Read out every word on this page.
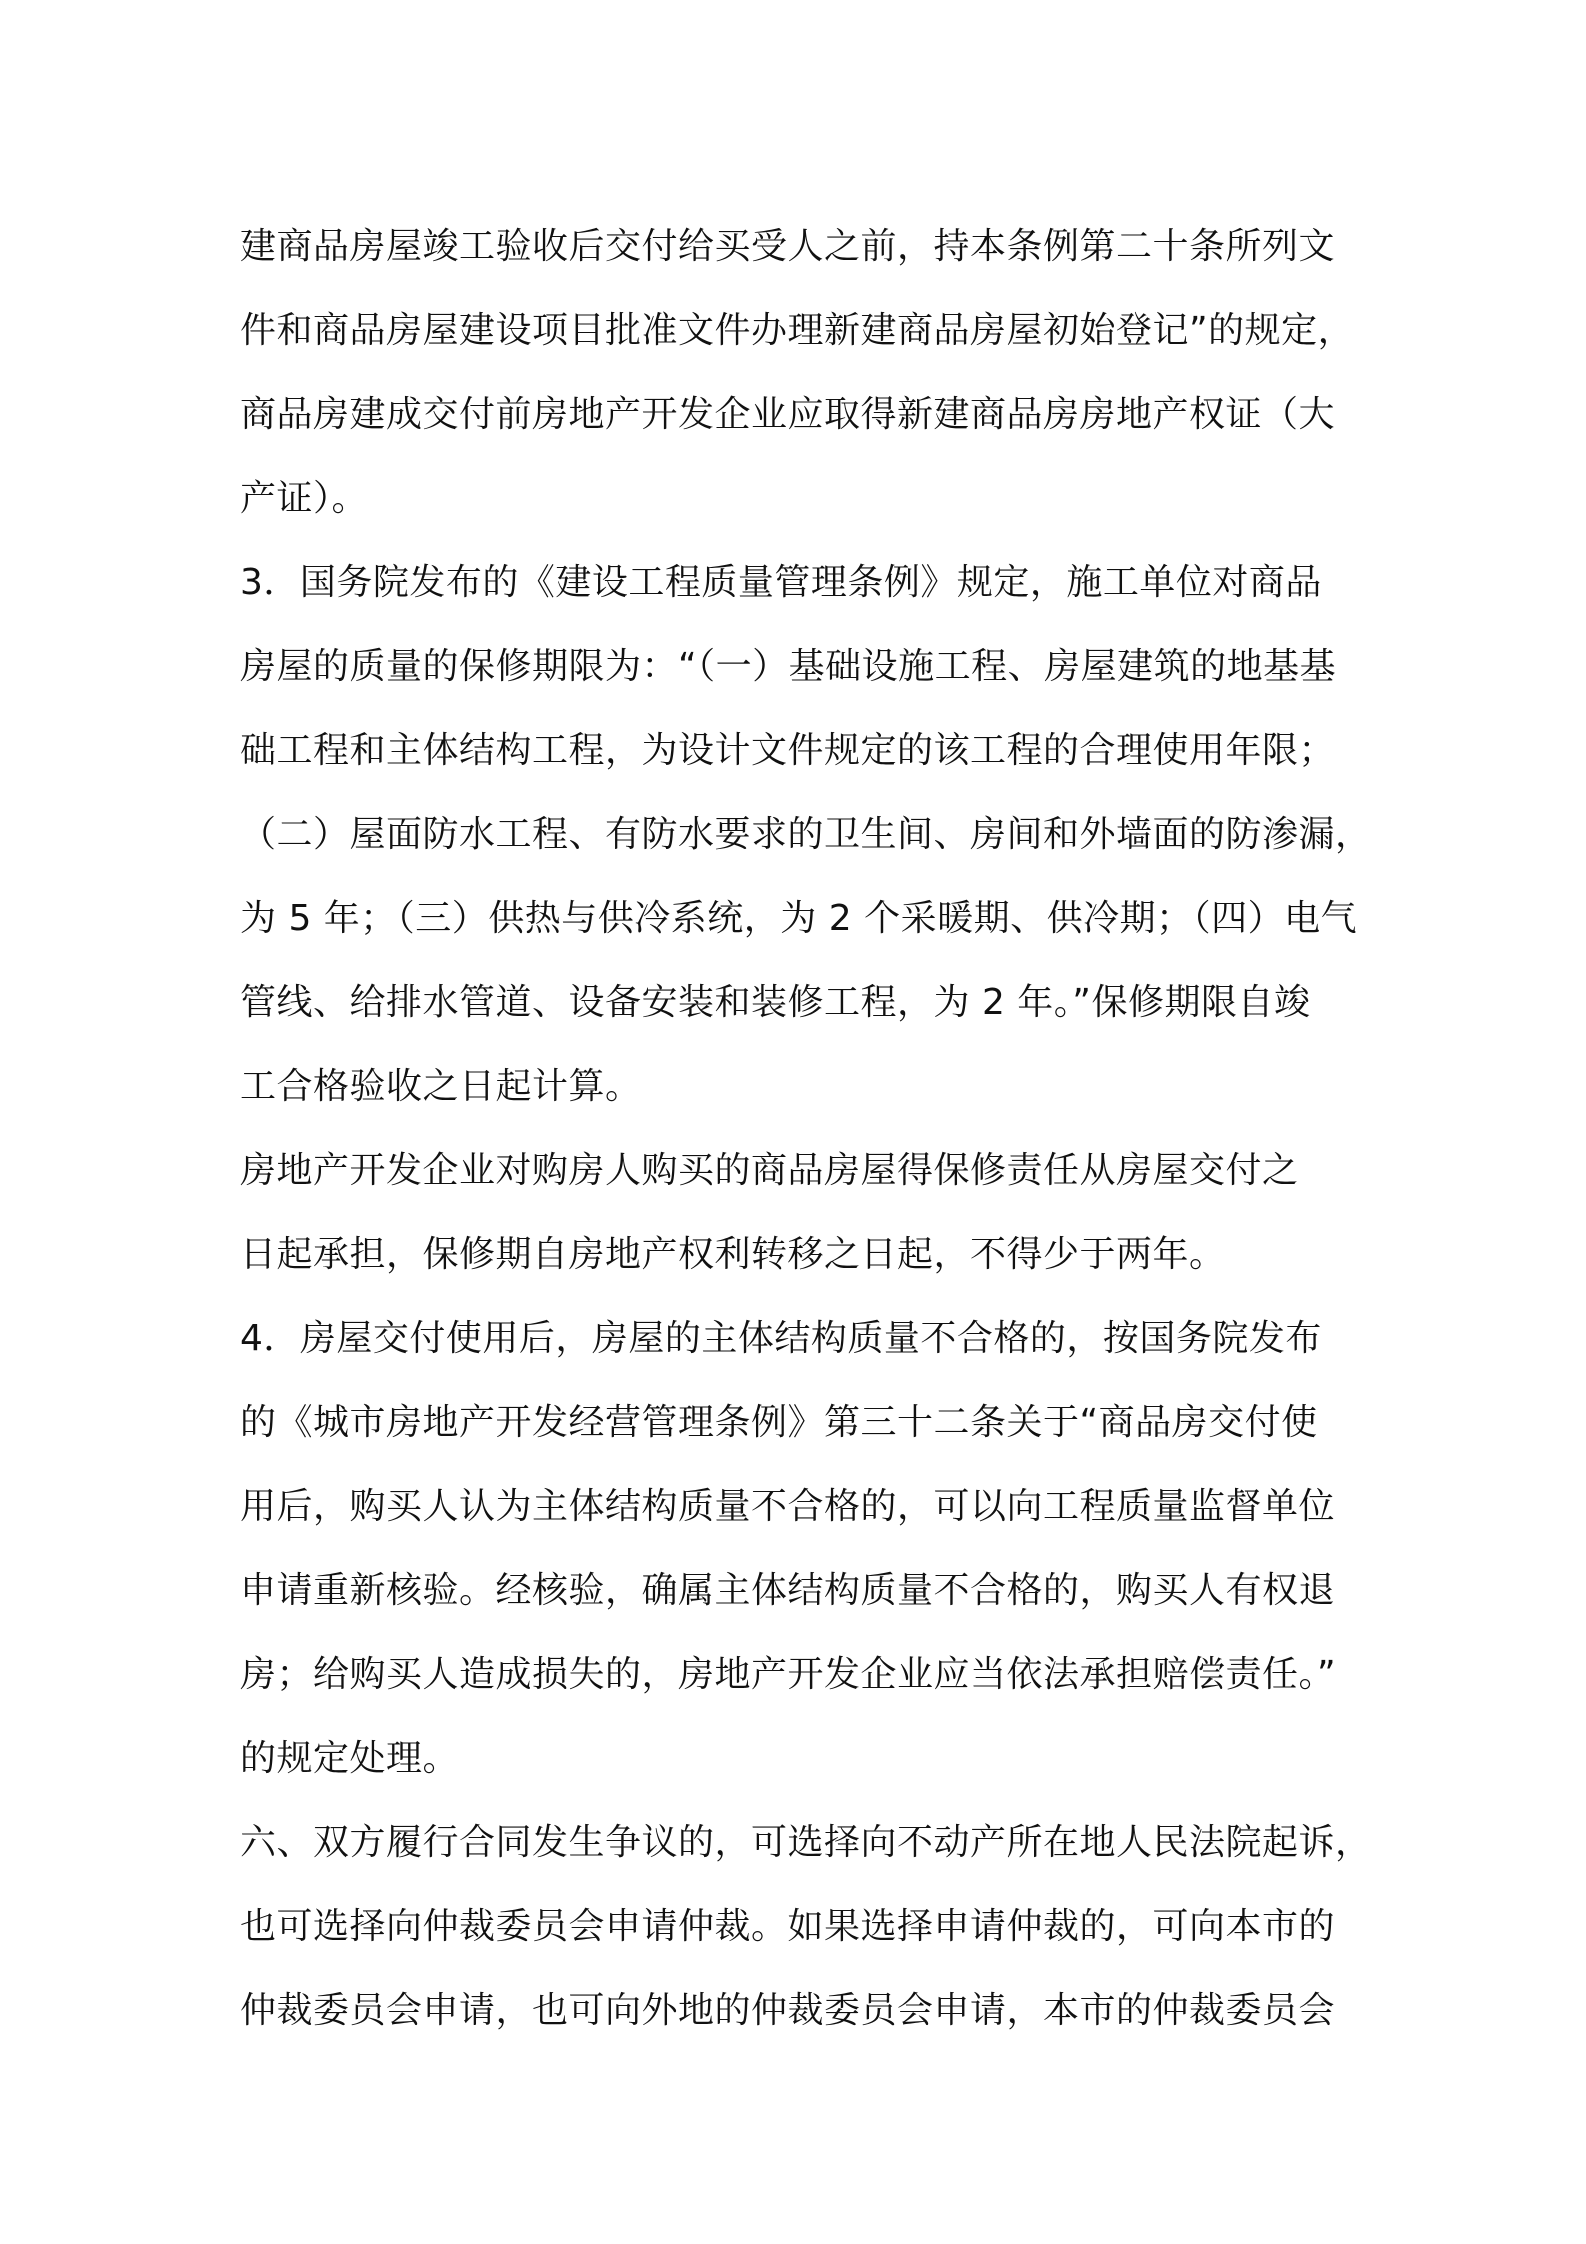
建商品房屋竣工验收后交付给买受人之前，持本条例第二十条所列文
件和商品房屋建设项目批准文件办理新建商品房屋初始登记”的规定，
商品房建成交付前房地产开发企业应取得新建商品房房地产权证（大
产证）。
3．国务院发布的《建设工程质量管理条例》规定，施工单位对商品
房屋的质量的保修期限为：“（一）基础设施工程、房屋建筑的地基基
础工程和主体结构工程，为设计文件规定的该工程的合理使用年限；
（二）屋面防水工程、有防水要求的卫生间、房间和外墙面的防渗漏，
为 5 年；（三）供热与供冷系统，为 2 个采暖期、供冷期；（四）电气
管线、给排水管道、设备安装和装修工程，为 2 年。”保修期限自竣
工合格验收之日起计算。
房地产开发企业对购房人购买的商品房屋得保修责任从房屋交付之
日起承担，保修期自房地产权利转移之日起，不得少于两年。
4．房屋交付使用后，房屋的主体结构质量不合格的，按国务院发布
的《城市房地产开发经营管理条例》第三十二条关于“商品房交付使
用后，购买人认为主体结构质量不合格的，可以向工程质量监督单位
申请重新核验。经核验，确属主体结构质量不合格的，购买人有权退
房；给购买人造成损失的，房地产开发企业应当依法承担赔偿责任。”
的规定处理。
六、双方履行合同发生争议的，可选择向不动产所在地人民法院起诉，
也可选择向仲裁委员会申请仲裁。如果选择申请仲裁的，可向本市的
仲裁委员会申请，也可向外地的仲裁委员会申请，本市的仲裁委员会
